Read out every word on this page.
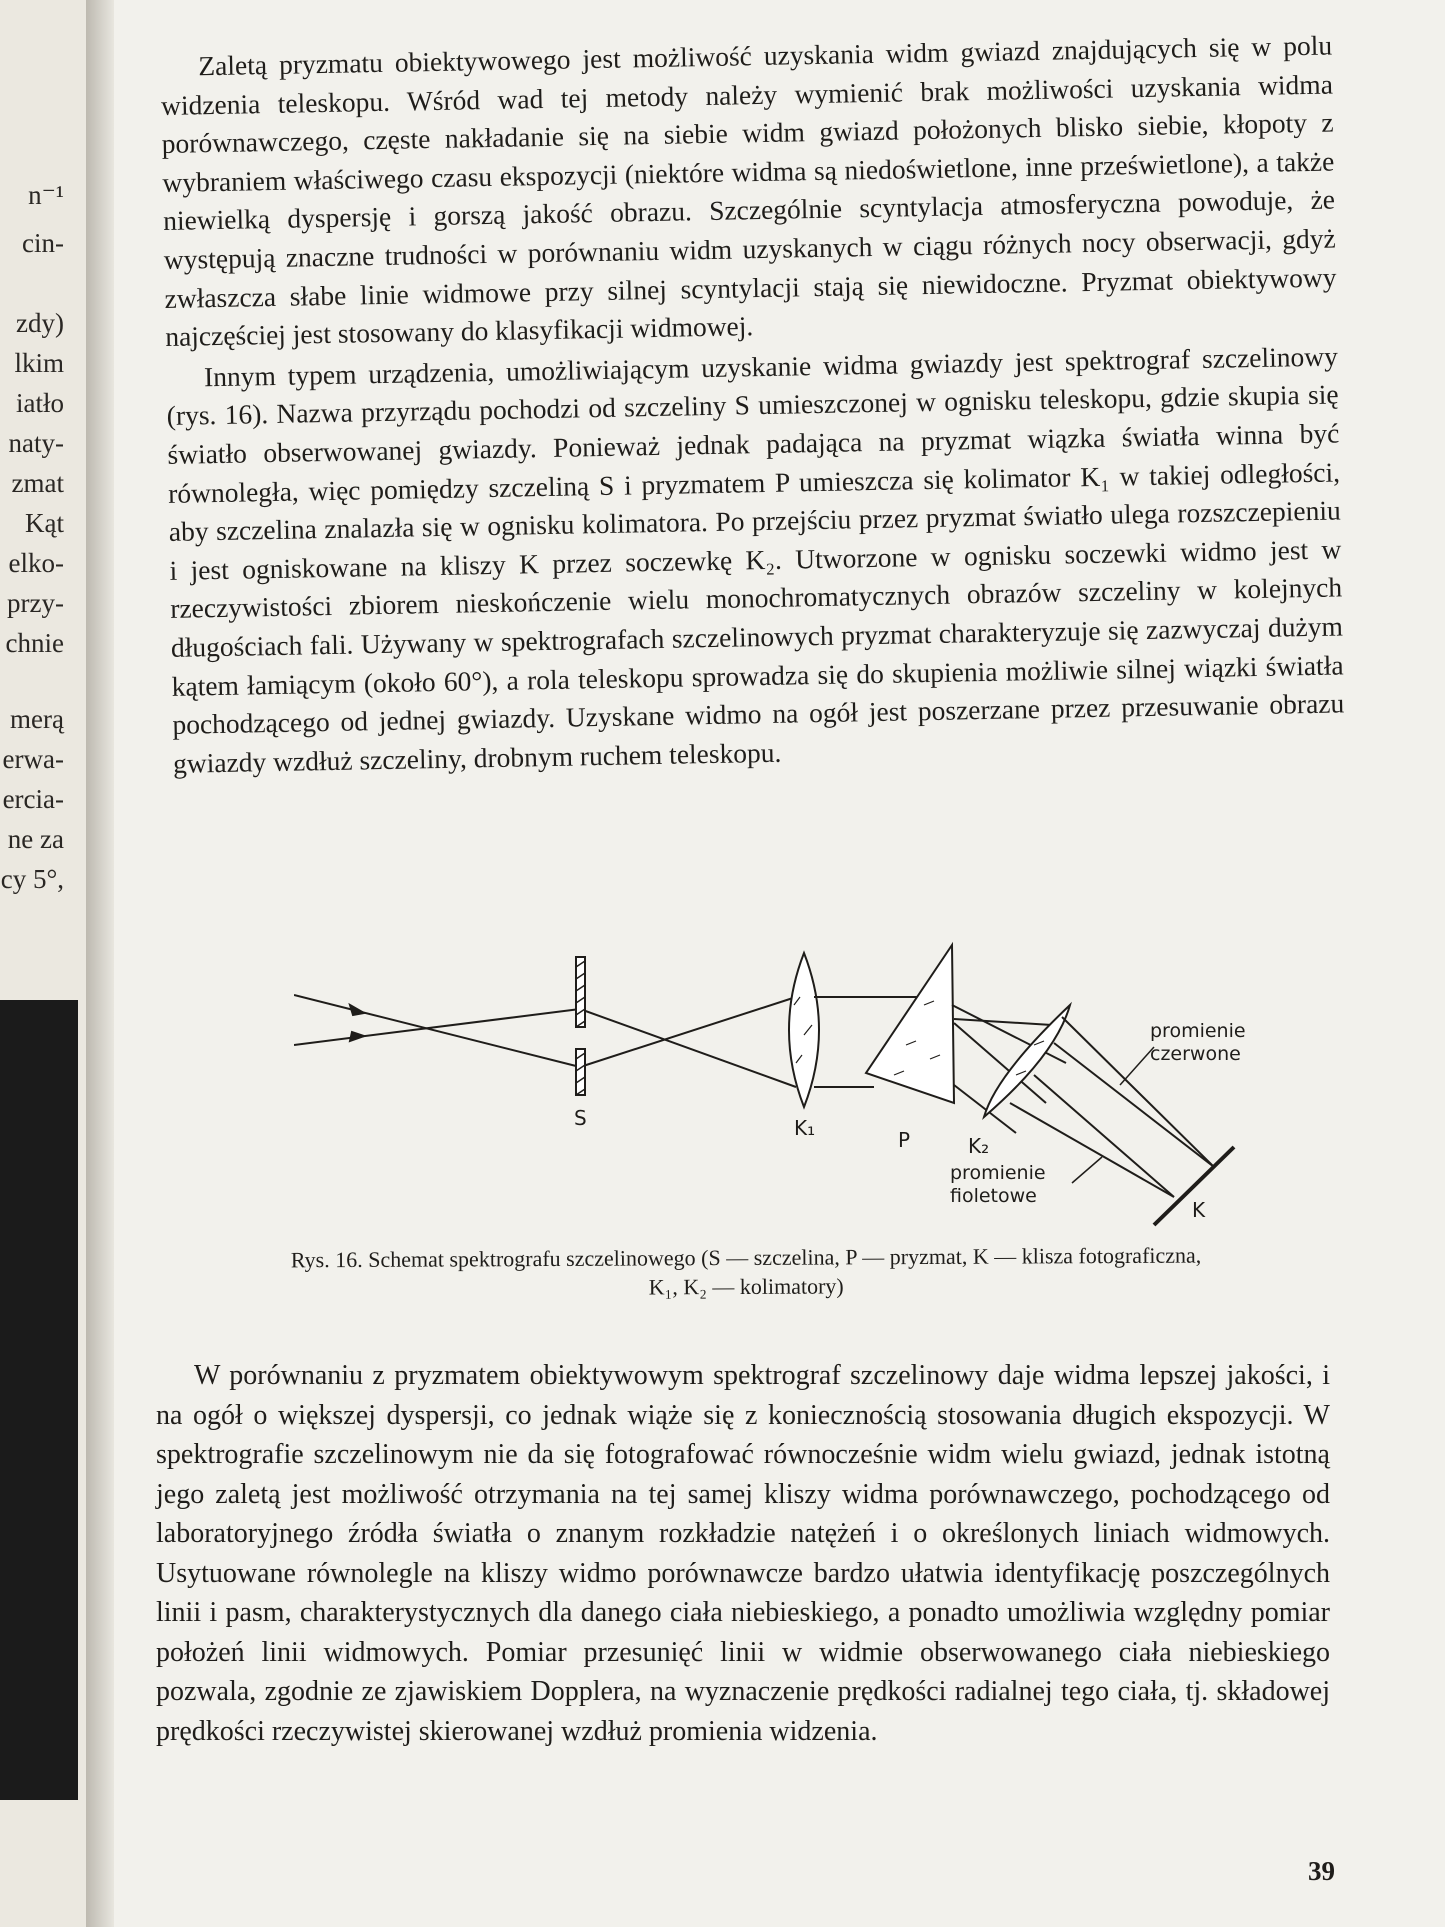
n⁻¹
cin-
zdy)
lkim
iatło
naty-
zmat
Kąt
elko-
przy-
chnie
merą
erwa-
ercia-
ne za
cy 5°,

Zaletą pryzmatu obiektywowego jest możliwość uzyskania widm gwiazd znajdujących się w polu widzenia teleskopu. Wśród wad tej metody należy wymienić brak możliwości uzyskania widma porównawczego, częste nakładanie się na siebie widm gwiazd położonych blisko siebie, kłopoty z wybraniem właściwego czasu ekspozycji (niektóre widma są niedoświetlone, inne prześwietlone), a także niewielką dyspersję i gorszą jakość obrazu. Szczególnie scyntylacja atmosferyczna powoduje, że występują znaczne trudności w porównaniu widm uzyskanych w ciągu różnych nocy obserwacji, gdyż zwłaszcza słabe linie widmowe przy silnej scyntylacji stają się niewidoczne. Pryzmat obiektywowy najczęściej jest stosowany do klasyfikacji widmowej.

Innym typem urządzenia, umożliwiającym uzyskanie widma gwiazdy jest spektrograf szczelinowy (rys. 16). Nazwa przyrządu pochodzi od szczeliny S umieszczonej w ognisku teleskopu, gdzie skupia się światło obserwowanej gwiazdy. Ponieważ jednak padająca na pryzmat wiązka światła winna być równoległa, więc pomiędzy szczeliną S i pryzmatem P umieszcza się kolimator K₁ w takiej odległości, aby szczelina znalazła się w ognisku kolimatora. Po przejściu przez pryzmat światło ulega rozszczepieniu i jest ogniskowane na kliszy K przez soczewkę K₂. Utworzone w ognisku soczewki widmo jest w rzeczywistości zbiorem nieskończenie wielu monochromatycznych obrazów szczeliny w kolejnych długościach fali. Używany w spektrografach szczelinowych pryzmat charakteryzuje się zazwyczaj dużym kątem łamiącym (około 60°), a rola teleskopu sprowadza się do skupienia możliwie silnej wiązki światła pochodzącego od jednej gwiazdy. Uzyskane widmo na ogół jest poszerzane przez przesuwanie obrazu gwiazdy wzdłuż szczeliny, drobnym ruchem teleskopu.

S	K₁	P	K₂
K
promienie
czerwone
promienie
fioletowe
Rys. 16. Schemat spektrografu szczelinowego (S — szczelina, P — pryzmat, K — klisza fotograficzna,
K₁, K₂ — kolimatory)

W porównaniu z pryzmatem obiektywowym spektrograf szczelinowy daje widma lepszej jakości, i na ogół o większej dyspersji, co jednak wiąże się z koniecznością stosowania długich ekspozycji. W spektrografie szczelinowym nie da się fotografować równocześnie widm wielu gwiazd, jednak istotną jego zaletą jest możliwość otrzymania na tej samej kliszy widma porównawczego, pochodzącego od laboratoryjnego źródła światła o znanym rozkładzie natężeń i o określonych liniach widmowych. Usytuowane równolegle na kliszy widmo porównawcze bardzo ułatwia identyfikację poszczególnych linii i pasm, charakterystycznych dla danego ciała niebieskiego, a ponadto umożliwia względny pomiar położeń linii widmowych. Pomiar przesunięć linii w widmie obserwowanego ciała niebieskiego pozwala, zgodnie ze zjawiskiem Dopplera, na wyznaczenie prędkości radialnej tego ciała, tj. składowej prędkości rzeczywistej skierowanej wzdłuż promienia widzenia.

39
